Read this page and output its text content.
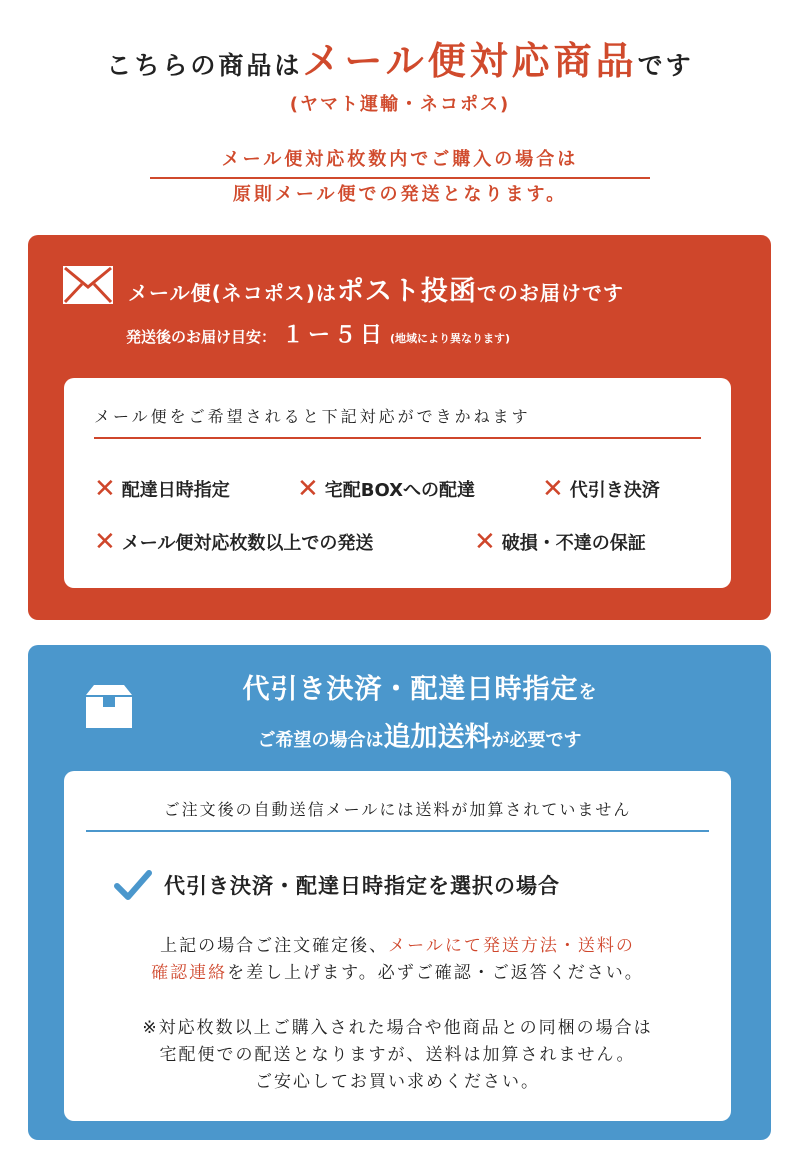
こちらの商品はメール便対応商品です
(ヤマト運輸・ネコポス)
メール便対応枚数内でご購入の場合は
原則メール便での発送となります。
メール便(ネコポス)はポスト投函でのお届けです
発送後のお届け目安： １ー５日 (地域により異なります)
メール便をご希望されると下記対応ができかねます
✕ 配達日時指定	✕ 宅配BOXへの配達	✕ 代引き決済
✕ メール便対応枚数以上での発送	✕ 破損・不達の保証
代引き決済・配達日時指定を
ご希望の場合は追加送料が必要です
ご注文後の自動送信メールには送料が加算されていません
代引き決済・配達日時指定を選択の場合
上記の場合ご注文確定後、メールにて発送方法・送料の
確認連絡を差し上げます。必ずご確認・ご返答ください。
※対応枚数以上ご購入された場合や他商品との同梱の場合は
宅配便での配送となりますが、送料は加算されません。
ご安心してお買い求めください。
